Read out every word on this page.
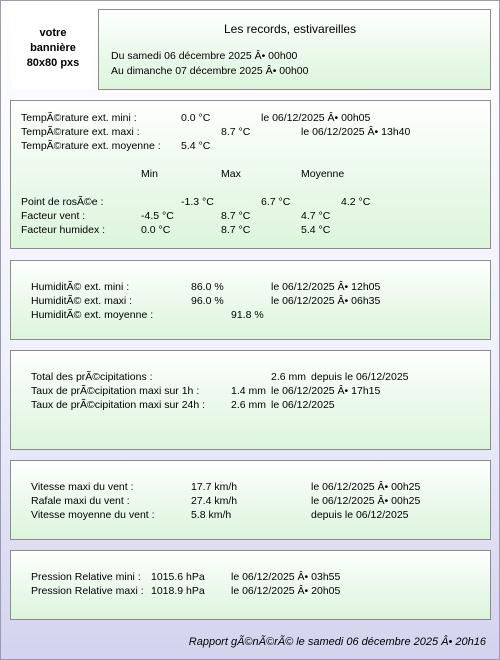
votre
bannière
80x80 pxs
Les records, estivareilles
Du samedi 06 décembre 2025 Â• 00h00
Au dimanche 07 décembre 2025 Â• 00h00
TempÃ©rature ext. mini :	0.0 °C	le 06/12/2025 Â• 00h05
TempÃ©rature ext. maxi :	8.7 °C	le 06/12/2025 Â• 13h40
TempÃ©rature ext. moyenne : 5.4 °C
Min	Max	Moyenne
Point de rosÃ©e :	-1.3 °C	6.7 °C	4.2 °C
Facteur vent :	-4.5 °C	8.7 °C	4.7 °C
Facteur humidex :	0.0 °C	8.7 °C	5.4 °C
HumiditÃ© ext. mini :	86.0 %	le 06/12/2025 Â• 12h05
HumiditÃ© ext. maxi :	96.0 %	le 06/12/2025 Â• 06h35
HumiditÃ© ext. moyenne :	91.8 %
Total des prÃ©cipitations :	2.6 mm depuis le 06/12/2025
Taux de prÃ©cipitation maxi sur 1h :	1.4 mm le 06/12/2025 Â• 17h15
Taux de prÃ©cipitation maxi sur 24h : 2.6 mm le 06/12/2025
Vitesse maxi du vent :	17.7 km/h	le 06/12/2025 Â• 00h25
Rafale maxi du vent :	27.4 km/h	le 06/12/2025 Â• 00h25
Vitesse moyenne du vent :	5.8 km/h	depuis le 06/12/2025
Pression Relative mini : 1015.6 hPa	le 06/12/2025 Â• 03h55
Pression Relative maxi : 1018.9 hPa	le 06/12/2025 Â• 20h05
Rapport gÃ©nÃ©rÃ© le samedi 06 décembre 2025 Â• 20h16
